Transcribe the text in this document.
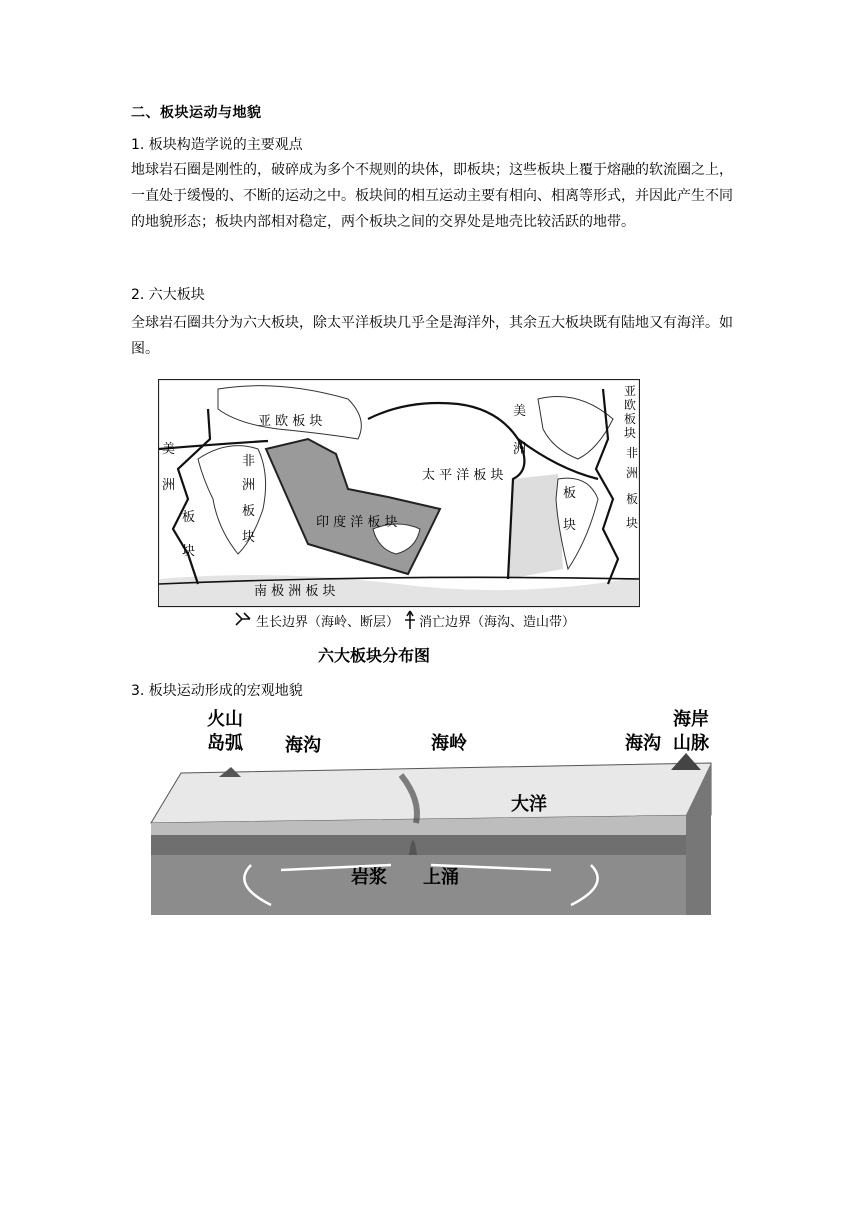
二、板块运动与地貌
1. 板块构造学说的主要观点
地球岩石圈是刚性的，破碎成为多个不规则的块体，即板块；这些板块上覆于熔融的软流圈之上，一直处于缓慢的、不断的运动之中。板块间的相互运动主要有相向、相离等形式，并因此产生不同的地貌形态；板块内部相对稳定，两个板块之间的交界处是地壳比较活跃的地带。
2. 六大板块
全球岩石圈共分为六大板块，除太平洋板块几乎全是海洋外，其余五大板块既有陆地又有海洋。如图。
亚 欧 板 块
太 平 洋 板 块
印 度 洋 板 块
南 极 洲 板 块
非
洲
板
块
美
洲
板
块
美
洲
板
块
亚
欧
板
块
非
洲
板
块
生长边界（海岭、断层） 消亡边界（海沟、造山带）
六大板块分布图
3. 板块运动形成的宏观地貌
火山
岛弧 海沟	海岭	海沟
海岸
山脉
大洋
岩浆 上涌
